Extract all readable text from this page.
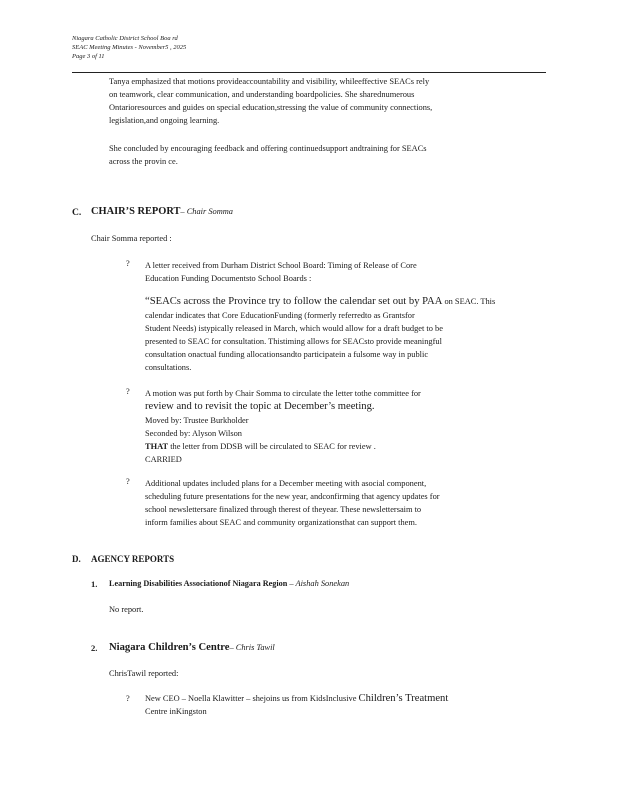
Niagara Catholic District School Boa rd
SEAC Meeting Minutes - November5 , 2025
Page 3 of 11
Tanya emphasized that motions provideaccountability and visibility, whileeffective SEACs rely
on teamwork, clear communication, and understanding boardpolicies. She sharednumerous
Ontarioresources and guides on special education,stressing the value of community connections,
legislation,and ongoing learning.
She concluded by encouraging feedback and offering continuedsupport andtraining for SEACs
across the provin ce.
C. CHAIR’S REPORT– Chair Somma
Chair Somma reported :
? A letter received from Durham District School Board: Timing of Release of Core
Education Funding Documentsto School Boards :
“SEACs across the Province try to follow the calendar set out by PAA on SEAC. This
calendar indicates that Core EducationFunding (formerly referredto as Grantsfor
Student Needs) istypically released in March, which would allow for a draft budget to be
presented to SEAC for consultation. Thistiming allows for SEACsto provide meaningful
consultation onactual funding allocationsandto participatein a fulsome way in public
consultations.
? A motion was put forth by Chair Somma to circulate the letter tothe committee for
review and to revisit the topic at December’s meeting.
Moved by: Trustee Burkholder
Seconded by: Alyson Wilson
THAT the letter from DDSB will be circulated to SEAC for review .
CARRIED
? Additional updates included plans for a December meeting with asocial component,
scheduling future presentations for the new year, andconfirming that agency updates for
school newslettersare finalized through therest of theyear. These newslettersaim to
inform families about SEAC and community organizationsthat can support them.
D. AGENCY REPORTS
1. Learning Disabilities Associationof Niagara Region – Aishah Sonekan
No report.
2. Niagara Children’s Centre– Chris Tawil
ChrisTawil reported:
? New CEO – Noella Klawitter – shejoins us from KidsInclusive Children’s Treatment
Centre inKingston
